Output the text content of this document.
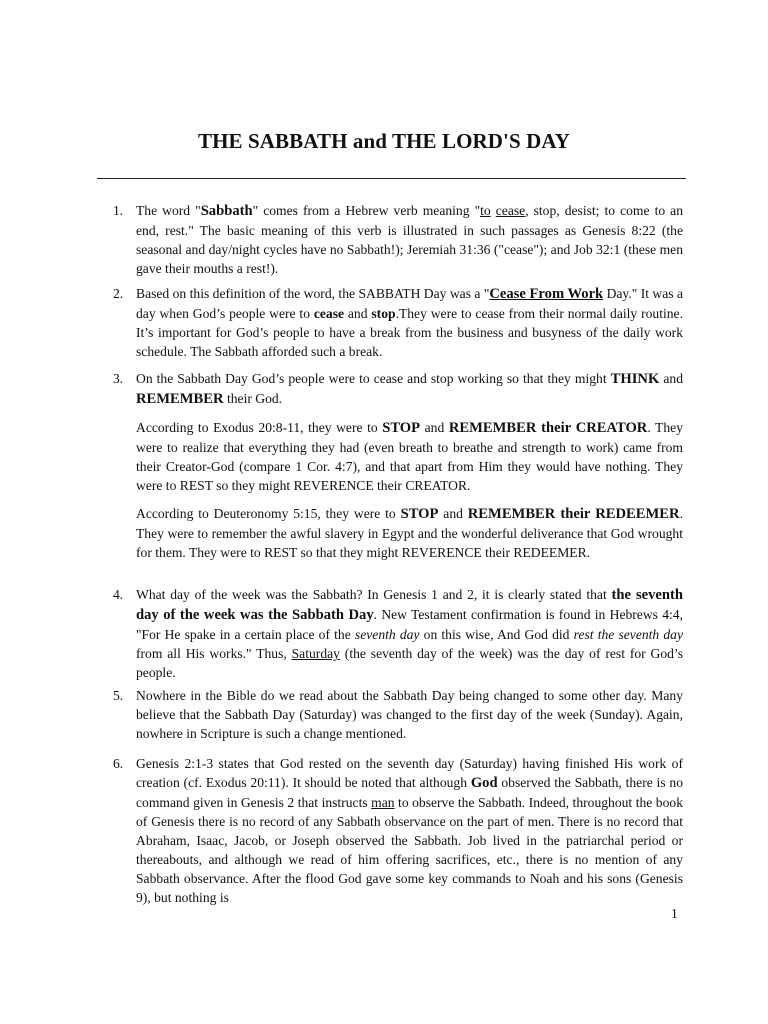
THE SABBATH and THE LORD'S DAY
1. The word "Sabbath" comes from a Hebrew verb meaning "to cease, stop, desist; to come to an end, rest." The basic meaning of this verb is illustrated in such passages as Genesis 8:22 (the seasonal and day/night cycles have no Sabbath!); Jeremiah 31:36 ("cease"); and Job 32:1 (these men gave their mouths a rest!).

2. Based on this definition of the word, the SABBATH Day was a "Cease From Work Day." It was a day when God’s people were to cease and stop.They were to cease from their normal daily routine. It’s important for God’s people to have a break from the business and busyness of the daily work schedule. The Sabbath afforded such a break.

3. On the Sabbath Day God’s people were to cease and stop working so that they might THINK and REMEMBER their God.

According to Exodus 20:8-11, they were to STOP and REMEMBER their CREATOR. They were to realize that everything they had (even breath to breathe and strength to work) came from their Creator-God (compare 1 Cor. 4:7), and that apart from Him they would have nothing. They were to REST so they might REVERENCE their CREATOR.

According to Deuteronomy 5:15, they were to STOP and REMEMBER their REDEEMER. They were to remember the awful slavery in Egypt and the wonderful deliverance that God wrought for them. They were to REST so that they might REVERENCE their REDEEMER.

4. What day of the week was the Sabbath? In Genesis 1 and 2, it is clearly stated that the seventh day of the week was the Sabbath Day. New Testament confirmation is found in Hebrews 4:4, "For He spake in a certain place of the seventh day on this wise, And God did rest the seventh day from all His works." Thus, Saturday (the seventh day of the week) was the day of rest for God’s people.

5. Nowhere in the Bible do we read about the Sabbath Day being changed to some other day. Many believe that the Sabbath Day (Saturday) was changed to the first day of the week (Sunday). Again, nowhere in Scripture is such a change mentioned.

6. Genesis 2:1-3 states that God rested on the seventh day (Saturday) having finished His work of creation (cf. Exodus 20:11). It should be noted that although God observed the Sabbath, there is no command given in Genesis 2 that instructs man to observe the Sabbath. Indeed, throughout the book of Genesis there is no record of any Sabbath observance on the part of men. There is no record that Abraham, Isaac, Jacob, or Joseph observed the Sabbath. Job lived in the patriarchal period or thereabouts, and although we read of him offering sacrifices, etc., there is no mention of any Sabbath observance. After the flood God gave some key commands to Noah and his sons (Genesis 9), but nothing is

1
